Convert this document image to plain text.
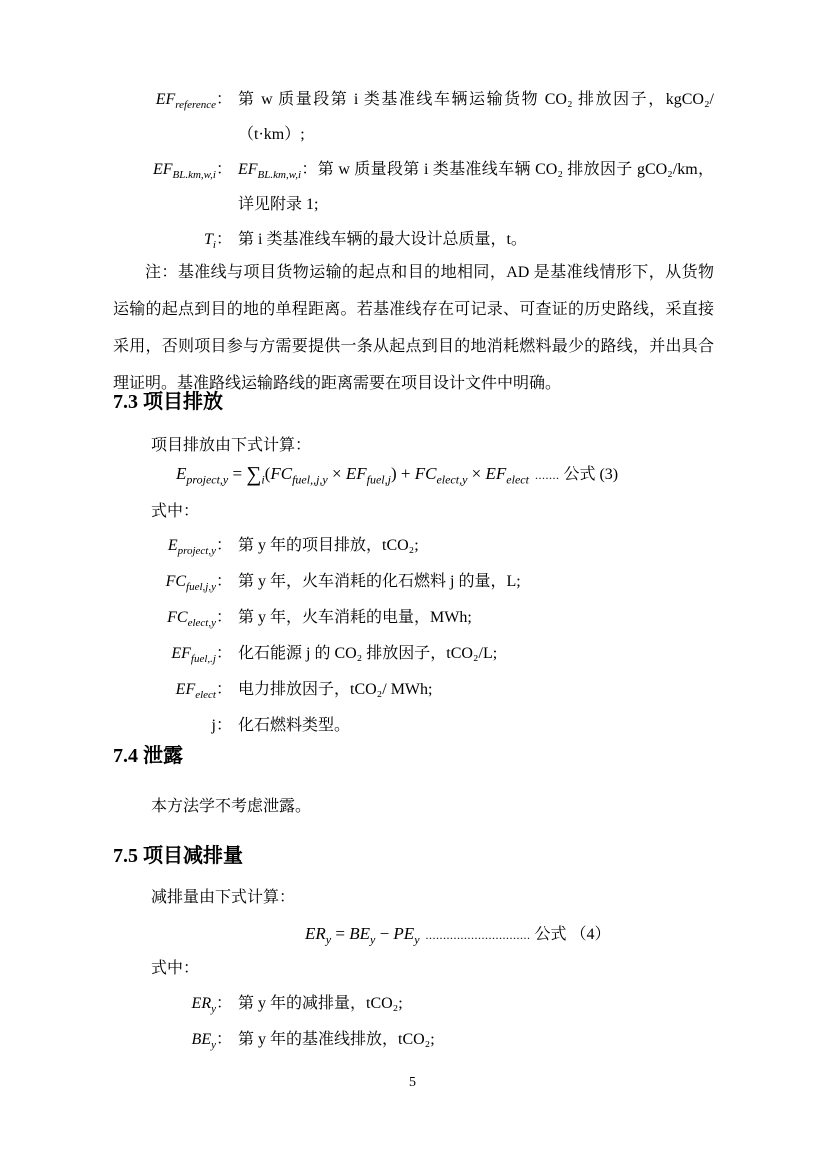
$EF_{reference}$： 第 w 质量段第 i 类基准线车辆运输货物 CO₂ 排放因子，kgCO₂/（t·km）;
$EF_{BL.km,w,i}$： $EF_{BL.km,w,i}$：第 w 质量段第 i 类基准线车辆 CO₂ 排放因子 gCO₂/km，详见附录 1;
$T_i$： 第 i 类基准线车辆的最大设计总质量，t。

注：基准线与项目货物运输的起点和目的地相同，AD 是基准线情形下，从货物运输的起点到目的地的单程距离。若基准线存在可记录、可查证的历史路线，采直接采用，否则项目参与方需要提供一条从起点到目的地消耗燃料最少的路线，并出具合理证明。基准路线运输路线的距离需要在项目设计文件中明确。

7.3 项目排放

项目排放由下式计算：

$E_{project,y} = \sum_i(FC_{fuel,,j,y} \times EF_{fuel,j}) + FC_{elect,y} \times EF_{elect}$ ....... 公式 (3)

式中：

$E_{project,y}$： 第 y 年的项目排放，tCO₂;
$FC_{fuel,j,y}$： 第 y 年，火车消耗的化石燃料 j 的量，L;
$FC_{elect,y}$： 第 y 年，火车消耗的电量，MWh;
$EF_{fuel,.j}$： 化石能源 j 的 CO₂ 排放因子，tCO₂/L;
$EF_{elect}$： 电力排放因子，tCO₂/ MWh;
j： 化石燃料类型。
7.4 泄露

本方法学不考虑泄露。

7.5 项目减排量

减排量由下式计算：

$ER_y = BE_y - PE_y$ .............................. 公式 （4）

式中：

$ER_y$： 第 y 年的减排量，tCO₂;
$BE_y$： 第 y 年的基准线排放，tCO₂;
5
